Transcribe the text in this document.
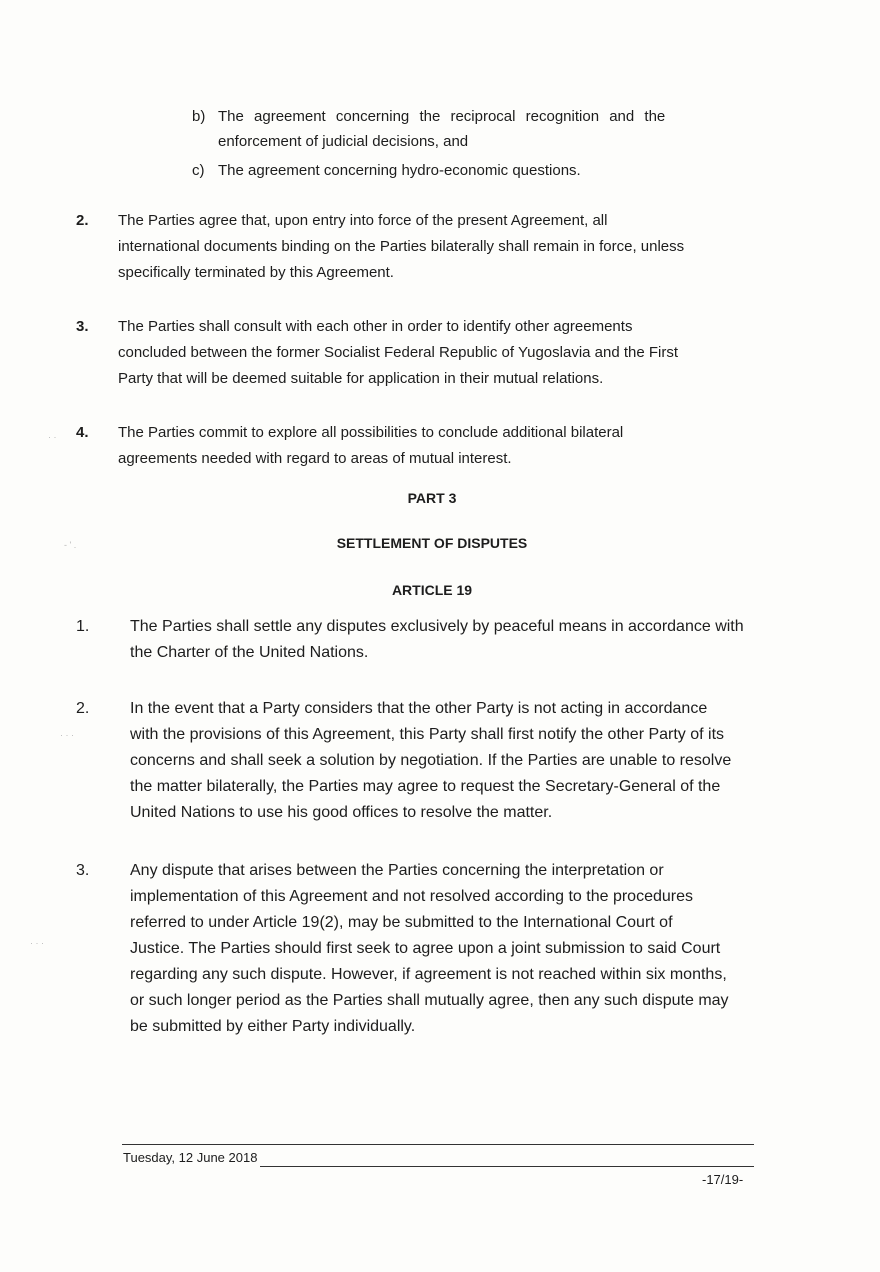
b) The agreement concerning the reciprocal recognition and the
enforcement of judicial decisions, and
c) The agreement concerning hydro-economic questions.
2. The Parties agree that, upon entry into force of the present Agreement, all
international documents binding on the Parties bilaterally shall remain in force, unless
specifically terminated by this Agreement.
3. The Parties shall consult with each other in order to identify other agreements
concluded between the former Socialist Federal Republic of Yugoslavia and the First
Party that will be deemed suitable for application in their mutual relations.
4. The Parties commit to explore all possibilities to conclude additional bilateral
agreements needed with regard to areas of mutual interest.
PART 3
SETTLEMENT OF DISPUTES
ARTICLE 19
1.	The Parties shall settle any disputes exclusively by peaceful means in accordance with
the Charter of the United Nations.
2.	In the event that a Party considers that the other Party is not acting in accordance
with the provisions of this Agreement, this Party shall first notify the other Party of its
concerns and shall seek a solution by negotiation. If the Parties are unable to resolve
the matter bilaterally, the Parties may agree to request the Secretary-General of the
United Nations to use his good offices to resolve the matter.
3.	Any dispute that arises between the Parties concerning the interpretation or
implementation of this Agreement and not resolved according to the procedures
referred to under Article 19(2), may be submitted to the International Court of
Justice. The Parties should first seek to agree upon a joint submission to said Court
regarding any such dispute. However, if agreement is not reached within six months,
or such longer period as the Parties shall mutually agree, then any such dispute may
be submitted by either Party individually.
Tuesday, 12 June 2018
-17/19-
· ·
- ' .
· · ·
· · ·
